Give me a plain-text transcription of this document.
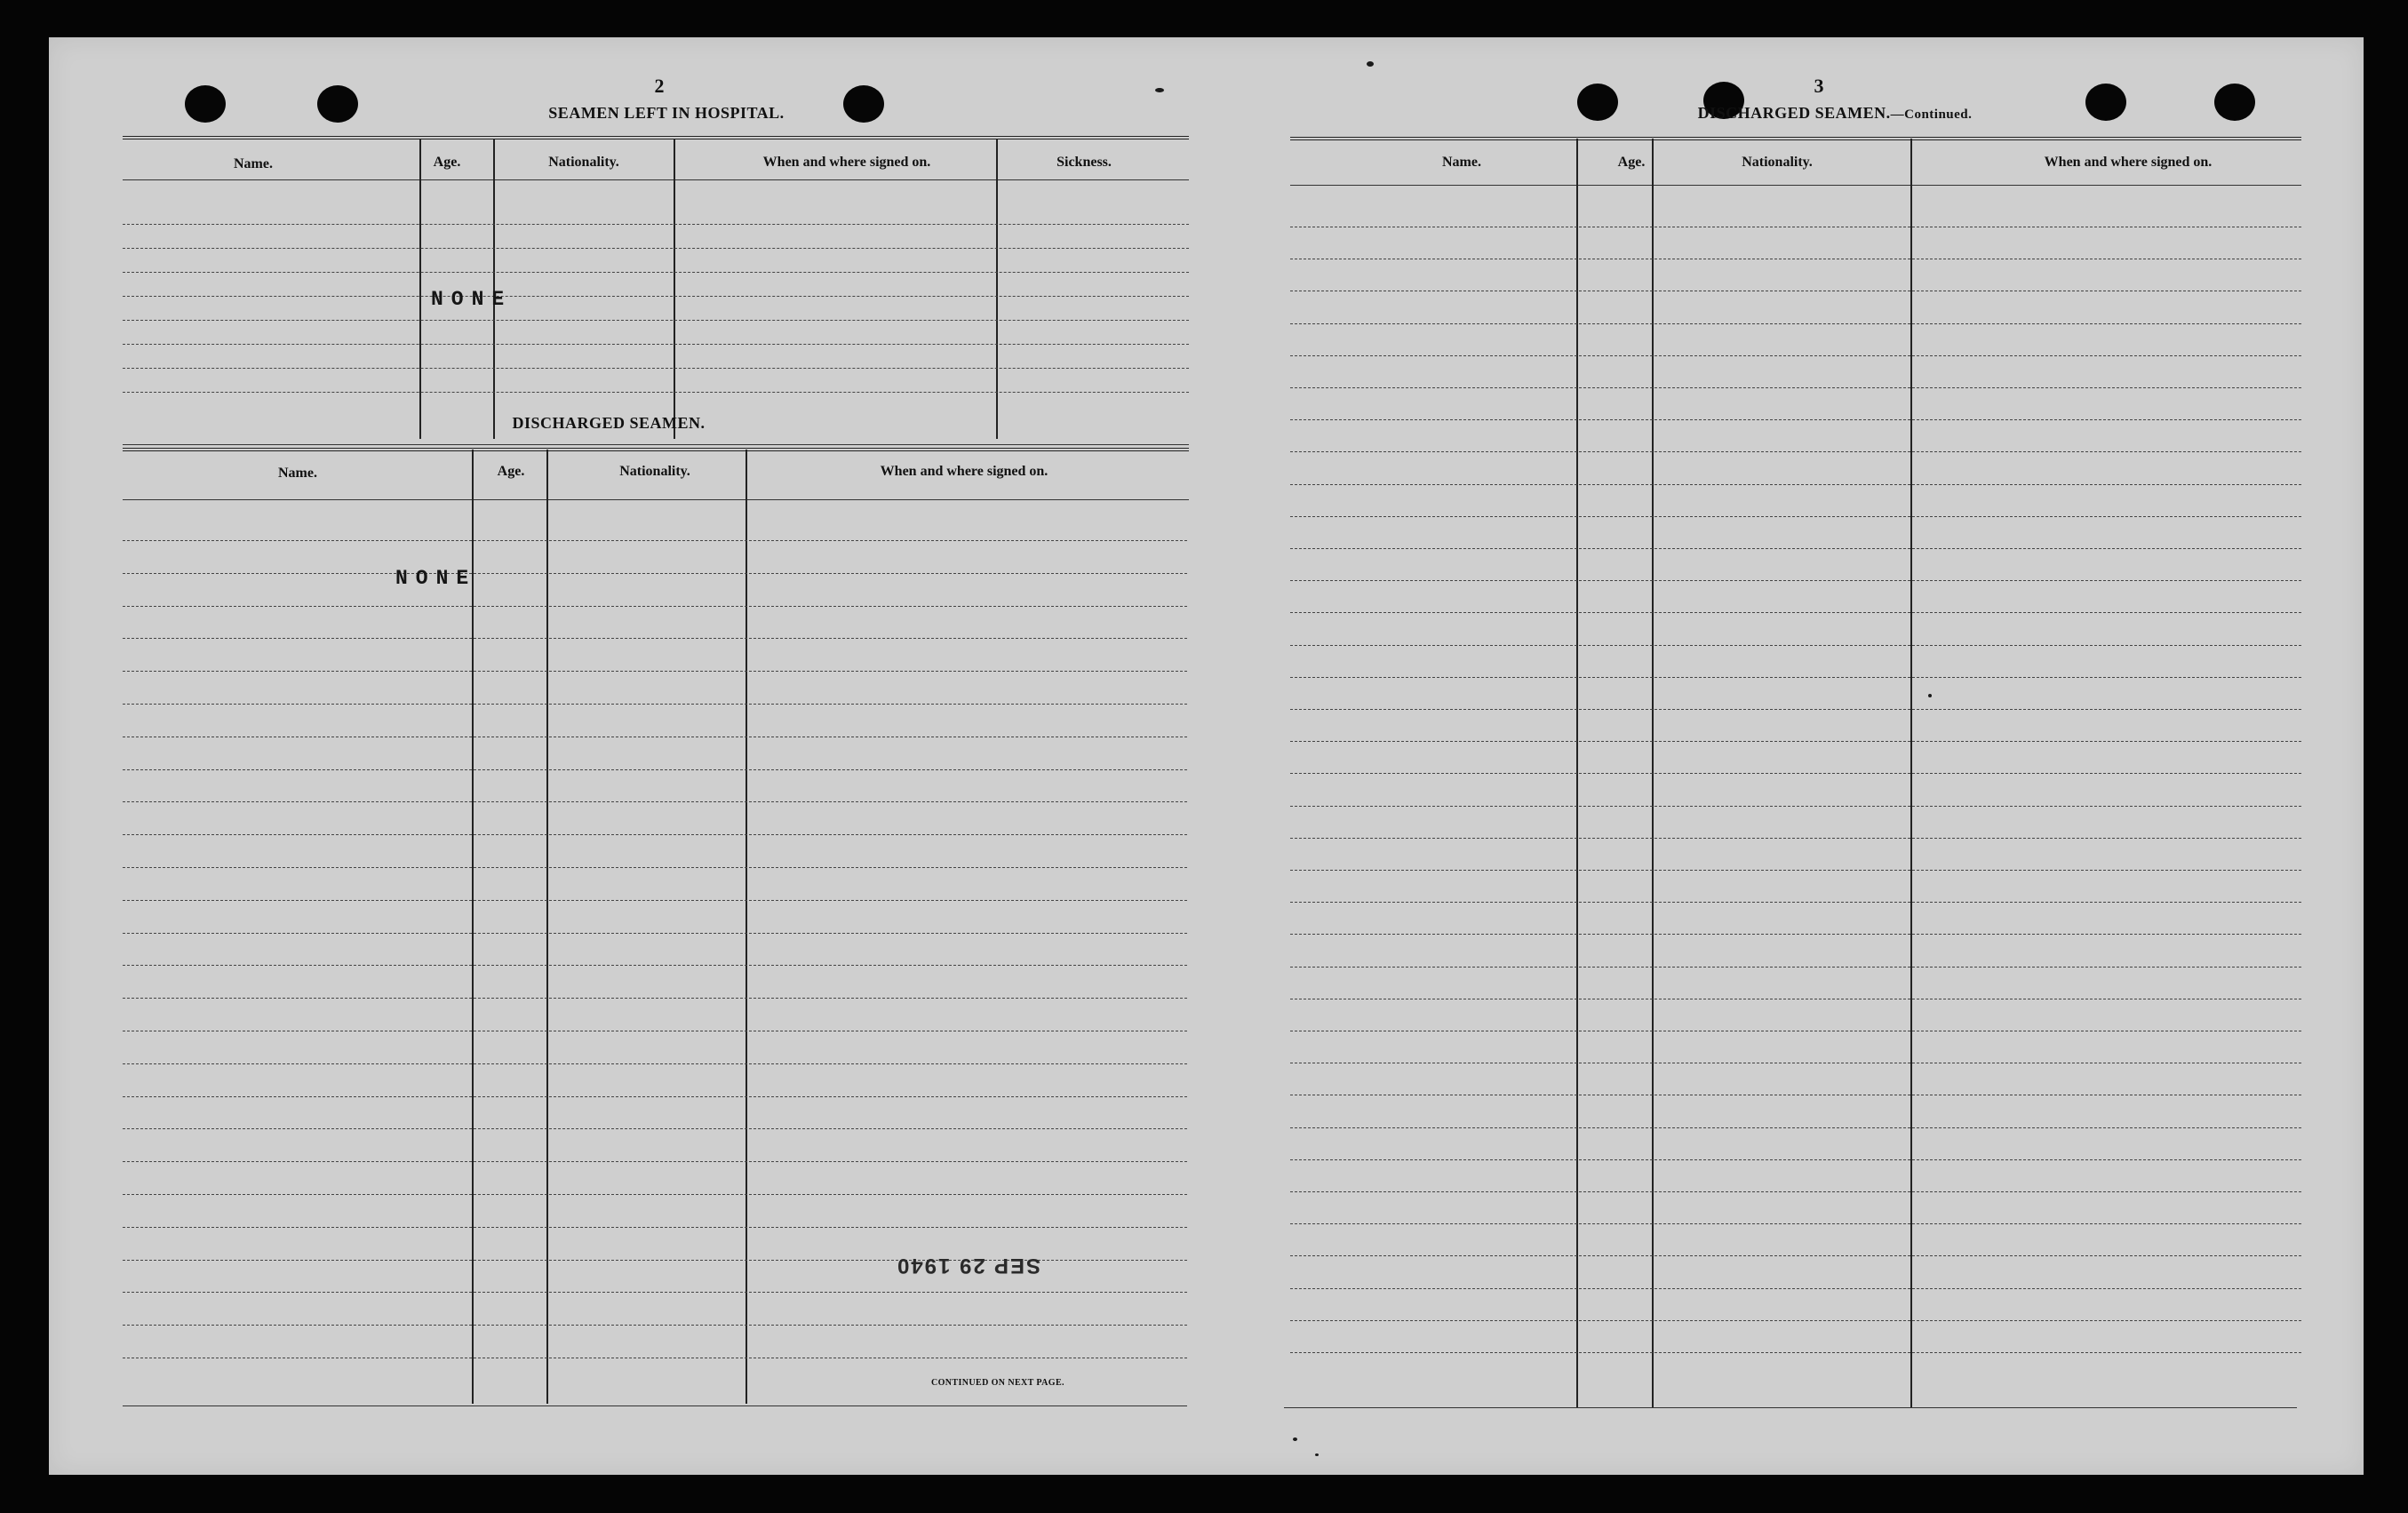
2
SEAMEN LEFT IN HOSPITAL.
Name.	Age.	Nationality.	When and where signed on.	Sickness.
NONE
DISCHARGED SEAMEN.
Name.	Age.	Nationality.	When and where signed on.
NONE
CONTINUED ON NEXT PAGE.
SEP 29 1940
3
DISCHARGED SEAMEN.—Continued.
Name.	Age.	Nationality.	When and where signed on.
